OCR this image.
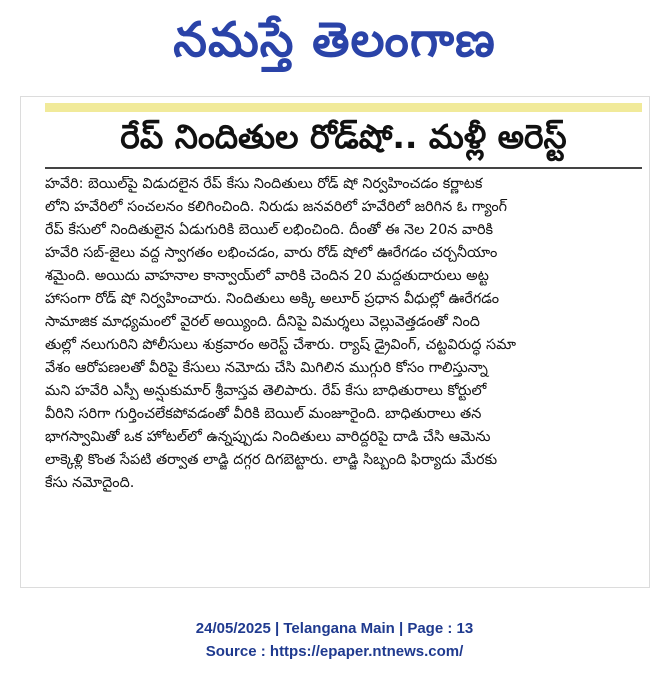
నమస్తే తెలంగాణ
రేప్ నిందితుల రోడ్‌షో.. మళ్లీ అరెస్ట్
హవేరి: బెయిల్‌పై విడుదలైన రేప్ కేసు నిందితులు రోడ్ షో నిర్వహించడం కర్ణాటక
లోని హవేరిలో సంచలనం కలిగించింది. నిరుడు జనవరిలో హవేరిలో జరిగిన ఓ గ్యాంగ్
రేప్ కేసులో నిందితులైన ఏడుగురికి బెయిల్ లభించింది. దీంతో ఈ నెల 20న వారికి
హవేరి సబ్-జైలు వద్ద స్వాగతం లభించడం, వారు రోడ్ షోలో ఊరేగడం చర్చనీయాం
శమైంది. అయిదు వాహనాల కాన్వాయ్‌లో వారికి చెందిన 20 మద్దతుదారులు అట్ట
హాసంగా రోడ్ షో నిర్వహించారు. నిందితులు అక్కి అలూర్ ప్రధాన వీధుల్లో ఊరేగడం
సామాజిక మాధ్యమంలో వైరల్ అయ్యింది. దీనిపై విమర్శలు వెల్లువెత్తడంతో నింది
తుల్లో నలుగురిని పోలీసులు శుక్రవారం అరెస్ట్ చేశారు. ర్యాష్ డ్రైవింగ్, చట్టవిరుద్ధ సమా
వేశం ఆరోపణలతో వీరిపై కేసులు నమోదు చేసి మిగిలిన ముగ్గురి కోసం గాలిస్తున్నా
మని హవేరి ఎస్పీ అన్షుకుమార్ శ్రీవాస్తవ తెలిపారు. రేప్ కేసు బాధితురాలు కోర్టులో
వీరిని సరిగా గుర్తించలేకపోవడంతో వీరికి బెయిల్ మంజూరైంది. బాధితురాలు తన
భాగస్వామితో ఒక హోటల్‌లో ఉన్నప్పుడు నిందితులు వారిద్దరిపై దాడి చేసి ఆమెను
లాక్కెళ్లి కొంత సేపటి తర్వాత లాడ్జి దగ్గర దిగబెట్టారు. లాడ్జి సిబ్బంది ఫిర్యాదు మేరకు
కేసు నమోదైంది.
24/05/2025 | Telangana Main | Page : 13
Source : https://epaper.ntnews.com/
